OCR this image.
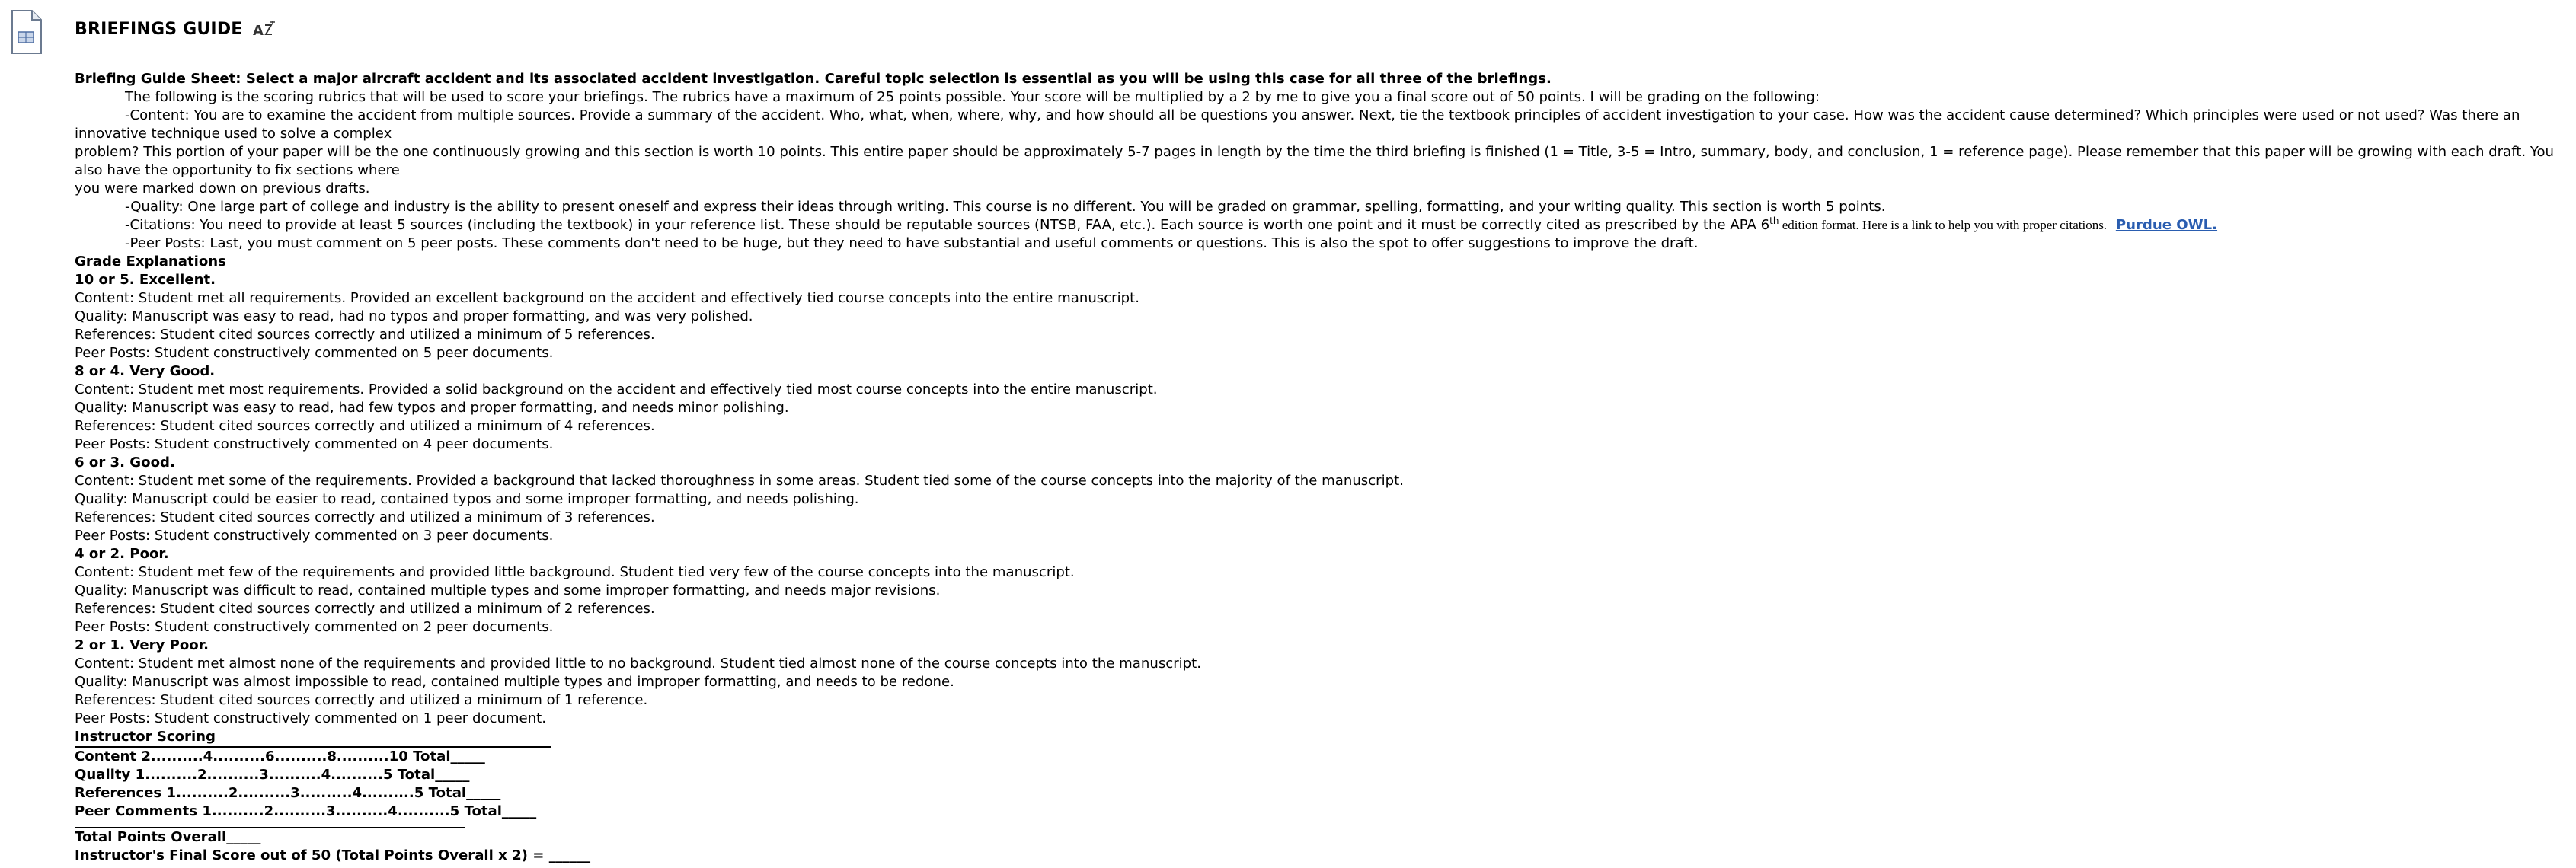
BRIEFINGS GUIDE A

Briefing Guide Sheet: Select a major aircraft accident and its associated accident investigation. Careful topic selection is essential as you will be using this case for all three of the briefings.

The following is the scoring rubrics that will be used to score your briefings. The rubrics have a maximum of 25 points possible. Your score will be multiplied by a 2 by me to give you a final score out of 50 points. I will be grading on the following:

-Content: You are to examine the accident from multiple sources. Provide a summary of the accident. Who, what, when, where, why, and how should all be questions you answer. Next, tie the textbook principles of accident investigation to your case. How was the accident cause determined? Which principles were used or not used? Was there an innovative technique used to solve a complex

problem? This portion of your paper will be the one continuously growing and this section is worth 10 points. This entire paper should be approximately 5-7 pages in length by the time the third briefing is finished (1 = Title, 3-5 = Intro, summary, body, and conclusion, 1 = reference page). Please remember that this paper will be growing with each draft. You also have the opportunity to fix sections where

you were marked down on previous drafts.

-Quality: One large part of college and industry is the ability to present oneself and express their ideas through writing. This course is no different. You will be graded on grammar, spelling, formatting, and your writing quality. This section is worth 5 points.

-Citations: You need to provide at least 5 sources (including the textbook) in your reference list. These should be reputable sources (NTSB, FAA, etc.). Each source is worth one point and it must be correctly cited as prescribed by the APA 6th edition format. Here is a link to help you with proper citations. Purdue OWL.

-Peer Posts: Last, you must comment on 5 peer posts. These comments don't need to be huge, but they need to have substantial and useful comments or questions. This is also the spot to offer suggestions to improve the draft.

Grade Explanations

10 or 5. Excellent.

Content: Student met all requirements. Provided an excellent background on the accident and effectively tied course concepts into the entire manuscript.

Quality: Manuscript was easy to read, had no typos and proper formatting, and was very polished.

References: Student cited sources correctly and utilized a minimum of 5 references.

Peer Posts: Student constructively commented on 5 peer documents.

8 or 4. Very Good.

Content: Student met most requirements. Provided a solid background on the accident and effectively tied most course concepts into the entire manuscript.

Quality: Manuscript was easy to read, had few typos and proper formatting, and needs minor polishing.

References: Student cited sources correctly and utilized a minimum of 4 references.

Peer Posts: Student constructively commented on 4 peer documents.

6 or 3. Good.

Content: Student met some of the requirements. Provided a background that lacked thoroughness in some areas. Student tied some of the course concepts into the majority of the manuscript.

Quality: Manuscript could be easier to read, contained typos and some improper formatting, and needs polishing.

References: Student cited sources correctly and utilized a minimum of 3 references.

Peer Posts: Student constructively commented on 3 peer documents.

4 or 2. Poor.

Content: Student met few of the requirements and provided little background. Student tied very few of the course concepts into the manuscript.

Quality: Manuscript was difficult to read, contained multiple types and some improper formatting, and needs major revisions.

References: Student cited sources correctly and utilized a minimum of 2 references.

Peer Posts: Student constructively commented on 2 peer documents.

2 or 1. Very Poor.

Content: Student met almost none of the requirements and provided little to no background. Student tied almost none of the course concepts into the manuscript.

Quality: Manuscript was almost impossible to read, contained multiple types and improper formatting, and needs to be redone.

References: Student cited sources correctly and utilized a minimum of 1 reference.

Peer Posts: Student constructively commented on 1 peer document.

Instructor Scoring

Content 2..........4..........6..........8..........10 Total_____

Quality 1..........2..........3..........4..........5 Total_____

References 1..........2..........3..........4..........5 Total_____

Peer Comments 1..........2..........3..........4..........5 Total_____

Total Points Overall_____

Instructor's Final Score out of 50 (Total Points Overall x 2) = ______
